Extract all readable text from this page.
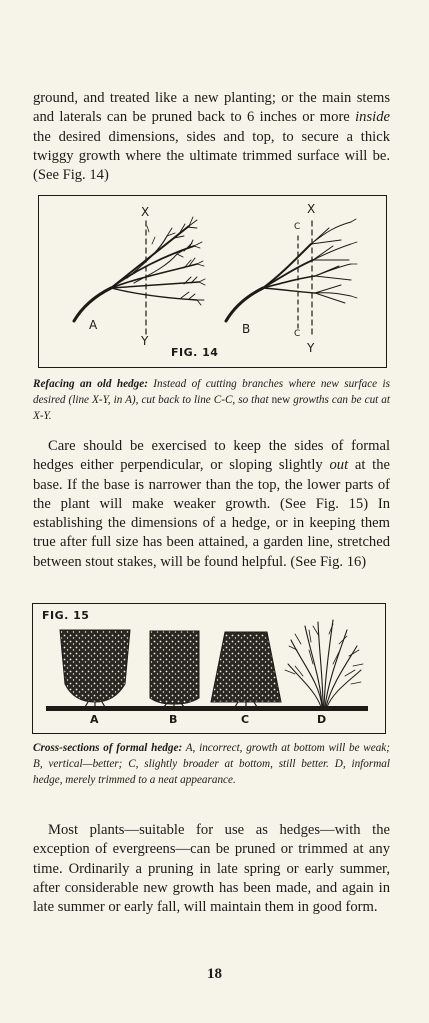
ground, and treated like a new planting; or the main stems and laterals can be pruned back to 6 inches or more inside the desired dimensions, sides and top, to secure a thick twiggy growth where the ultimate trimmed surface will be. (See Fig. 14)

X
Y
A
X
Y
C
C
B
FIG. 14

Refacing an old hedge: Instead of cutting branches where new surface is desired (line X-Y, in A), cut back to line C-C, so that new growths can be cut at X-Y.

Care should be exercised to keep the sides of formal hedges either perpendicular, or sloping slightly out at the base. If the base is narrower than the top, the lower parts of the plant will make weaker growth. (See Fig. 15) In establishing the dimensions of a hedge, or in keeping them true after full size has been attained, a garden line, stretched between stout stakes, will be found helpful. (See Fig. 16)

FIG. 15
A	B	C	D

Cross-sections of formal hedge: A, incorrect, growth at bottom will be weak; B, vertical—better; C, slightly broader at bottom, still better. D, informal hedge, merely trimmed to a neat appearance.

Most plants—suitable for use as hedges—with the exception of evergreens—can be pruned or trimmed at any time. Ordinarily a pruning in late spring or early summer, after considerable new growth has been made, and again in late summer or early fall, will maintain them in good form.

18
